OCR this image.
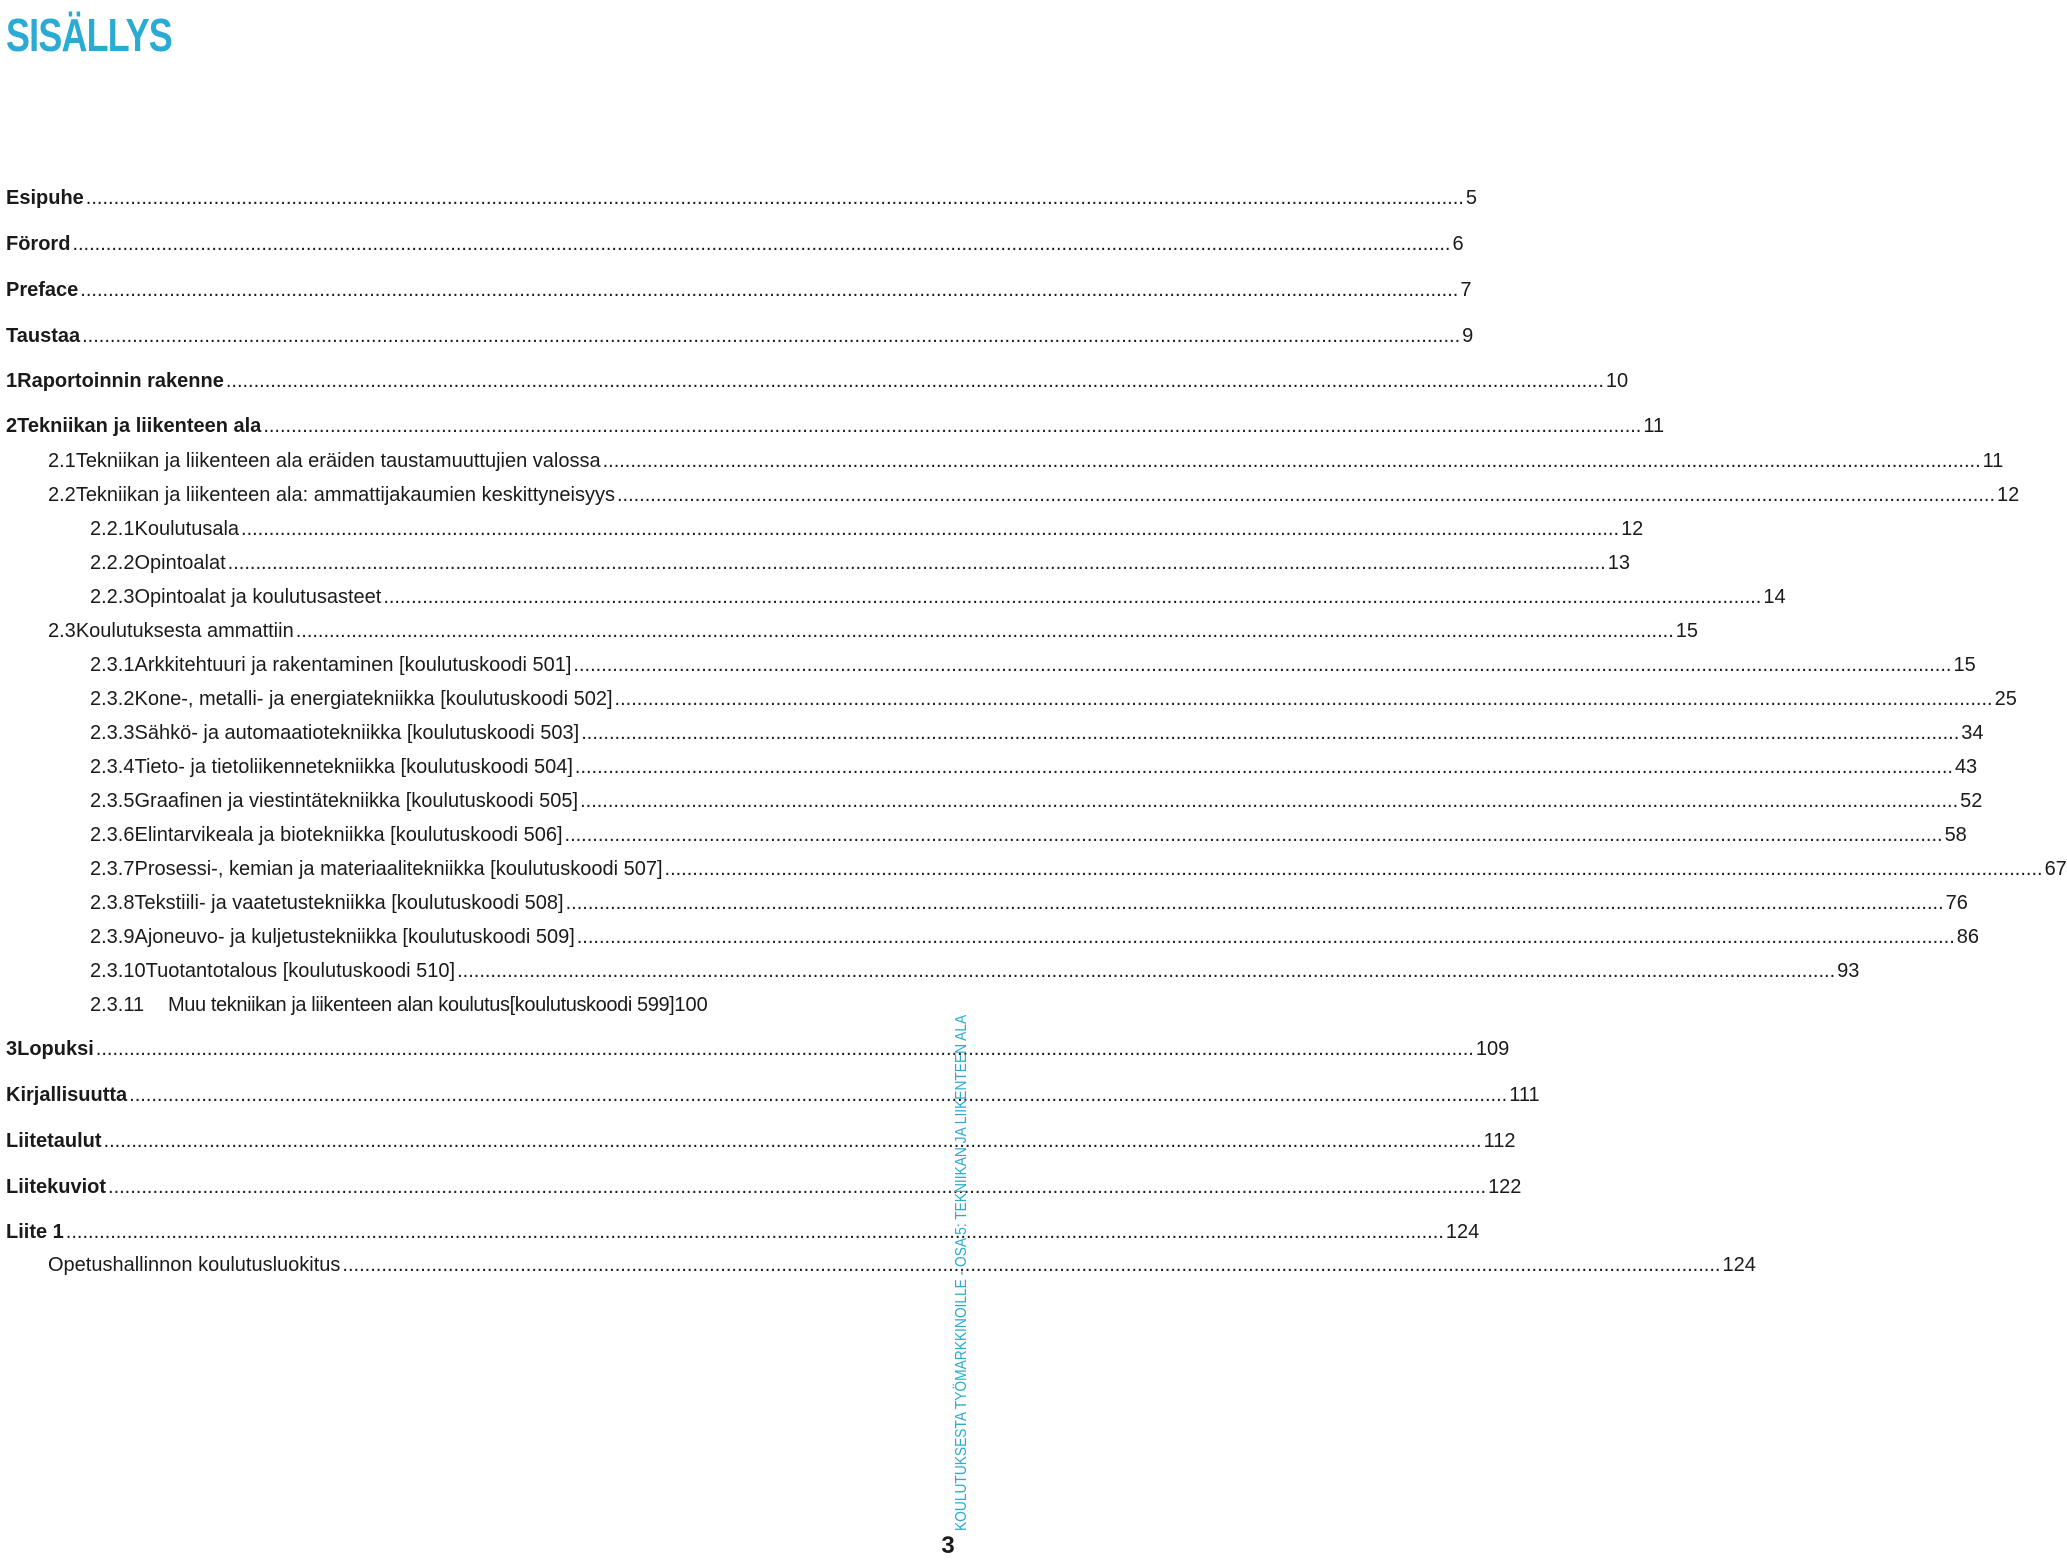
SISÄLLYS
Esipuhe .....	5
Förord .....	6
Preface .....	7
Taustaa .....	9
1 Raportoinnin rakenne .....	10
2 Tekniikan ja liikenteen ala .....	11
2.1 Tekniikan ja liikenteen ala eräiden taustamuuttujien valossa .....	11
2.2 Tekniikan ja liikenteen ala: ammattijakaumien keskittyneisyys .....	12
2.2.1 Koulutusala .....	12
2.2.2 Opintoalat .....	13
2.2.3 Opintoalat ja koulutusasteet .....	14
2.3 Koulutuksesta ammattiin .....	15
2.3.1 Arkkitehtuuri ja rakentaminen [koulutuskoodi 501] .....	15
2.3.2 Kone-, metalli- ja energiatekniikka [koulutuskoodi 502] .....	25
2.3.3 Sähkö- ja automaatiotekniikka [koulutuskoodi 503] .....	34
2.3.4 Tieto- ja tietoliikennetekniikka [koulutuskoodi 504] .....	43
2.3.5 Graafinen ja viestintätekniikka [koulutuskoodi 505] .....	52
2.3.6 Elintarvikeala ja biotekniikka [koulutuskoodi 506] .....	58
2.3.7 Prosessi-, kemian ja materiaalitekniikka [koulutuskoodi 507] .....	67
2.3.8 Tekstiili- ja vaatetustekniikka [koulutuskoodi 508] .....	76
2.3.9 Ajoneuvo- ja kuljetustekniikka [koulutuskoodi 509] .....	86
2.3.10 Tuotantotalous [koulutuskoodi 510] .....	93
2.3.11	Muu tekniikan ja liikenteen alan koulutus[koulutuskoodi 599] 100
3 Lopuksi .....	109
Kirjallisuutta .....	111
Liitetaulut .....	112
Liitekuviot .....	122
Liite 1 .....	124
Opetushallinnon koulutusluokitus .....	124
KOULUTUKSESTA TYÖMARKKINOILLE - OSA 5: TEKNIIKAN JA LIIKENTEEN ALA
3
